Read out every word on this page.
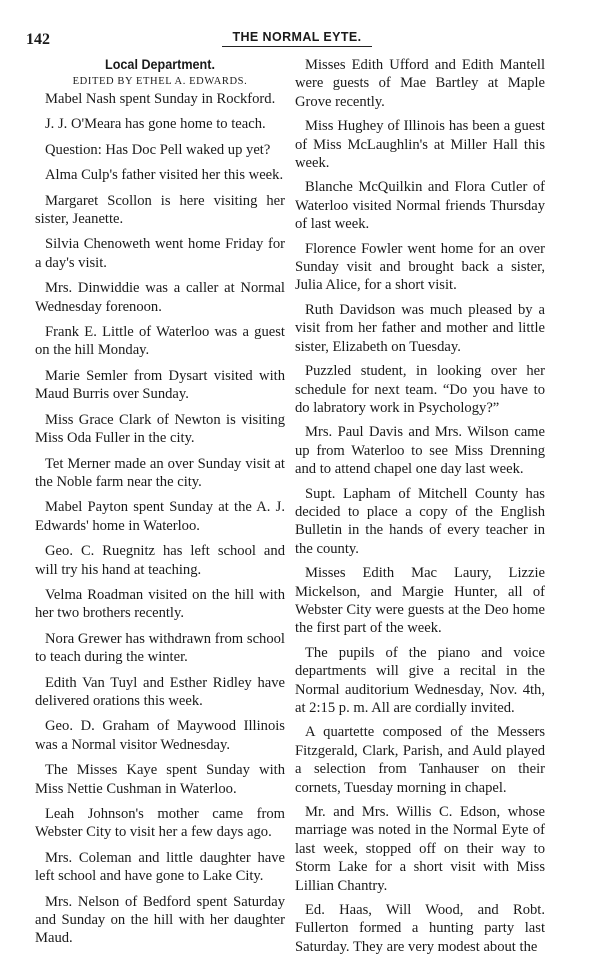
142	THE NORMAL EYTE.
Local Department.
EDITED BY ETHEL A. EDWARDS.

Mabel Nash spent Sunday in Rockford.

J. J. O'Meara has gone home to teach.

Question: Has Doc Pell waked up yet?

Alma Culp's father visited her this week.

Margaret Scollon is here visiting her sister, Jeanette.

Silvia Chenoweth went home Friday for a day's visit.

Mrs. Dinwiddie was a caller at Normal Wednesday forenoon.

Frank E. Little of Waterloo was a guest on the hill Monday.

Marie Semler from Dysart visited with Maud Burris over Sunday.

Miss Grace Clark of Newton is visiting Miss Oda Fuller in the city.

Tet Merner made an over Sunday visit at the Noble farm near the city.

Mabel Payton spent Sunday at the A. J. Edwards' home in Waterloo.

Geo. C. Ruegnitz has left school and will try his hand at teaching.

Velma Roadman visited on the hill with her two brothers recently.

Nora Grewer has withdrawn from school to teach during the winter.

Edith Van Tuyl and Esther Ridley have delivered orations this week.

Geo. D. Graham of Maywood Illinois was a Normal visitor Wednesday.

The Misses Kaye spent Sunday with Miss Nettie Cushman in Waterloo.

Leah Johnson's mother came from Webster City to visit her a few days ago.

Mrs. Coleman and little daughter have left school and have gone to Lake City.

Mrs. Nelson of Bedford spent Saturday and Sunday on the hill with her daughter Maud.

Misses Edith Ufford and Edith Mantell were guests of Mae Bartley at Maple Grove recently.

Miss Hughey of Illinois has been a guest of Miss McLaughlin's at Miller Hall this week.

Blanche McQuilkin and Flora Cutler of Waterloo visited Normal friends Thursday of last week.

Florence Fowler went home for an over Sunday visit and brought back a sister, Julia Alice, for a short visit.

Ruth Davidson was much pleased by a visit from her father and mother and little sister, Elizabeth on Tuesday.

Puzzled student, in looking over her schedule for next team. “Do you have to do labratory work in Psychology?”

Mrs. Paul Davis and Mrs. Wilson came up from Waterloo to see Miss Drenning and to attend chapel one day last week.

Supt. Lapham of Mitchell County has decided to place a copy of the English Bulletin in the hands of every teacher in the county.

Misses Edith Mac Laury, Lizzie Mickelson, and Margie Hunter, all of Webster City were guests at the Deo home the first part of the week.

The pupils of the piano and voice departments will give a recital in the Normal auditorium Wednesday, Nov. 4th, at 2:15 p. m. All are cordially invited.

A quartette composed of the Messers Fitzgerald, Clark, Parish, and Auld played a selection from Tanhauser on their cornets, Tuesday morning in chapel.

Mr. and Mrs. Willis C. Edson, whose marriage was noted in the Normal Eyte of last week, stopped off on their way to Storm Lake for a short visit with Miss Lillian Chantry.

Ed. Haas, Will Wood, and Robt. Fullerton formed a hunting party last Saturday. They are very modest about the
